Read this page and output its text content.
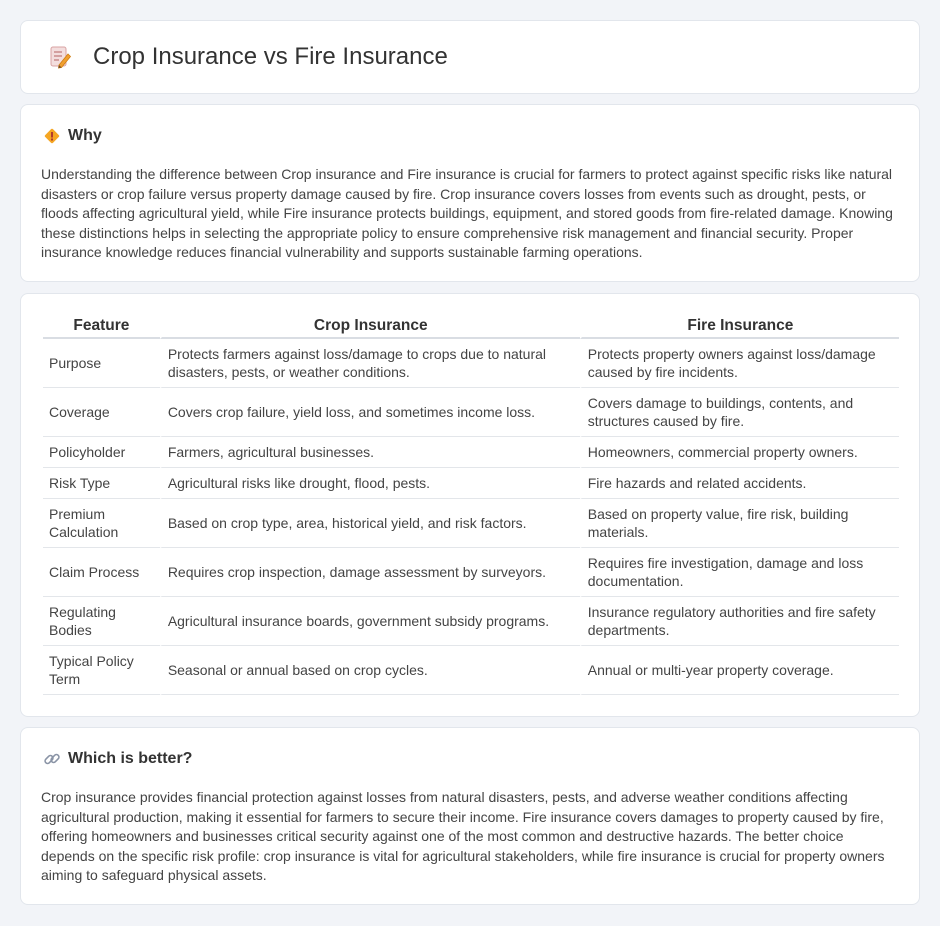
Crop Insurance vs Fire Insurance
Why
Understanding the difference between Crop insurance and Fire insurance is crucial for farmers to protect against specific risks like natural disasters or crop failure versus property damage caused by fire. Crop insurance covers losses from events such as drought, pests, or floods affecting agricultural yield, while Fire insurance protects buildings, equipment, and stored goods from fire-related damage. Knowing these distinctions helps in selecting the appropriate policy to ensure comprehensive risk management and financial security. Proper insurance knowledge reduces financial vulnerability and supports sustainable farming operations.
Feature	Crop Insurance	Fire Insurance
Purpose	Protects farmers against loss/damage to crops due to natural disasters, pests, or weather conditions.	Protects property owners against loss/damage caused by fire incidents.
Coverage	Covers crop failure, yield loss, and sometimes income loss.	Covers damage to buildings, contents, and structures caused by fire.
Policyholder	Farmers, agricultural businesses.	Homeowners, commercial property owners.
Risk Type	Agricultural risks like drought, flood, pests.	Fire hazards and related accidents.
Premium Calculation	Based on crop type, area, historical yield, and risk factors.	Based on property value, fire risk, building materials.
Claim Process	Requires crop inspection, damage assessment by surveyors.	Requires fire investigation, damage and loss documentation.
Regulating Bodies	Agricultural insurance boards, government subsidy programs.	Insurance regulatory authorities and fire safety departments.
Typical Policy Term	Seasonal or annual based on crop cycles.	Annual or multi-year property coverage.
Which is better?
Crop insurance provides financial protection against losses from natural disasters, pests, and adverse weather conditions affecting agricultural production, making it essential for farmers to secure their income. Fire insurance covers damages to property caused by fire, offering homeowners and businesses critical security against one of the most common and destructive hazards. The better choice depends on the specific risk profile: crop insurance is vital for agricultural stakeholders, while fire insurance is crucial for property owners aiming to safeguard physical assets.
